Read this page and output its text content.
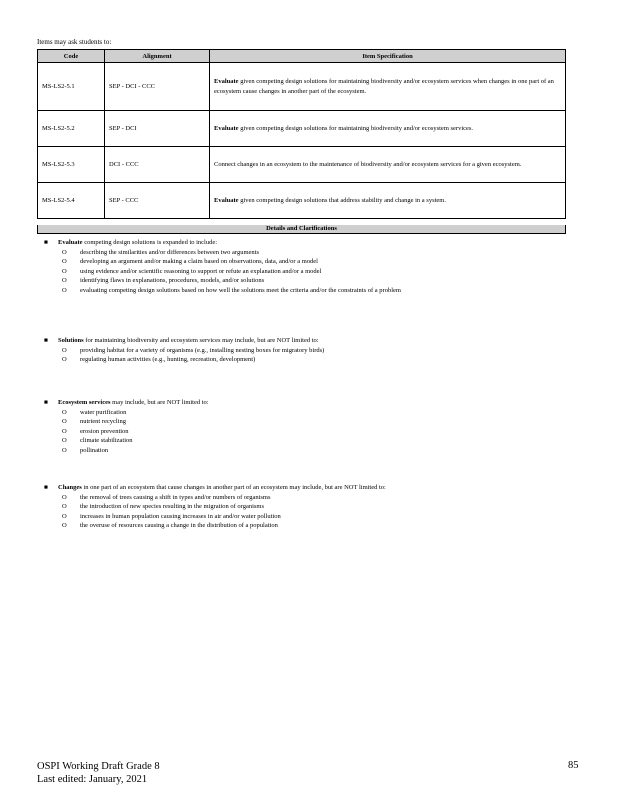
Items may ask students to:
Code	Alignment	Item Specification
MS-LS2-5.1	SEP - DCI - CCC	Evaluate given competing design solutions for maintaining biodiversity and/or ecosystem services when changes in one part of an ecosystem cause changes in another part of the ecosystem.
MS-LS2-5.2	SEP - DCI	Evaluate given competing design solutions for maintaining biodiversity and/or ecosystem services.
MS-LS2-5.3	DCI - CCC	Connect changes in an ecosystem to the maintenance of biodiversity and/or ecosystem services for a given ecosystem.
MS-LS2-5.4	SEP - CCC	Evaluate given competing design solutions that address stability and change in a system.
Details and Clarifications
■ Evaluate competing design solutions is expanded to include:
O describing the similarities and/or differences between two arguments
O developing an argument and/or making a claim based on observations, data, and/or a model
O using evidence and/or scientific reasoning to support or refute an explanation and/or a model
O identifying flaws in explanations, procedures, models, and/or solutions
O evaluating competing design solutions based on how well the solutions meet the criteria and/or the constraints of a problem
■ Solutions for maintaining biodiversity and ecosystem services may include, but are NOT limited to:
O providing habitat for a variety of organisms (e.g., installing nesting boxes for migratory birds)
O regulating human activities (e.g., hunting, recreation, development)
■ Ecosystem services may include, but are NOT limited to:
O water purification
O nutrient recycling
O erosion prevention
O climate stabilization
O pollination
■ Changes in one part of an ecosystem that cause changes in another part of an ecosystem may include, but are NOT limited to:
O the removal of trees causing a shift in types and/or numbers of organisms
O the introduction of new species resulting in the migration of organisms
O increases in human population causing increases in air and/or water pollution
O the overuse of resources causing a change in the distribution of a population
OSPI Working Draft Grade 8
Last edited: January, 2021
85
